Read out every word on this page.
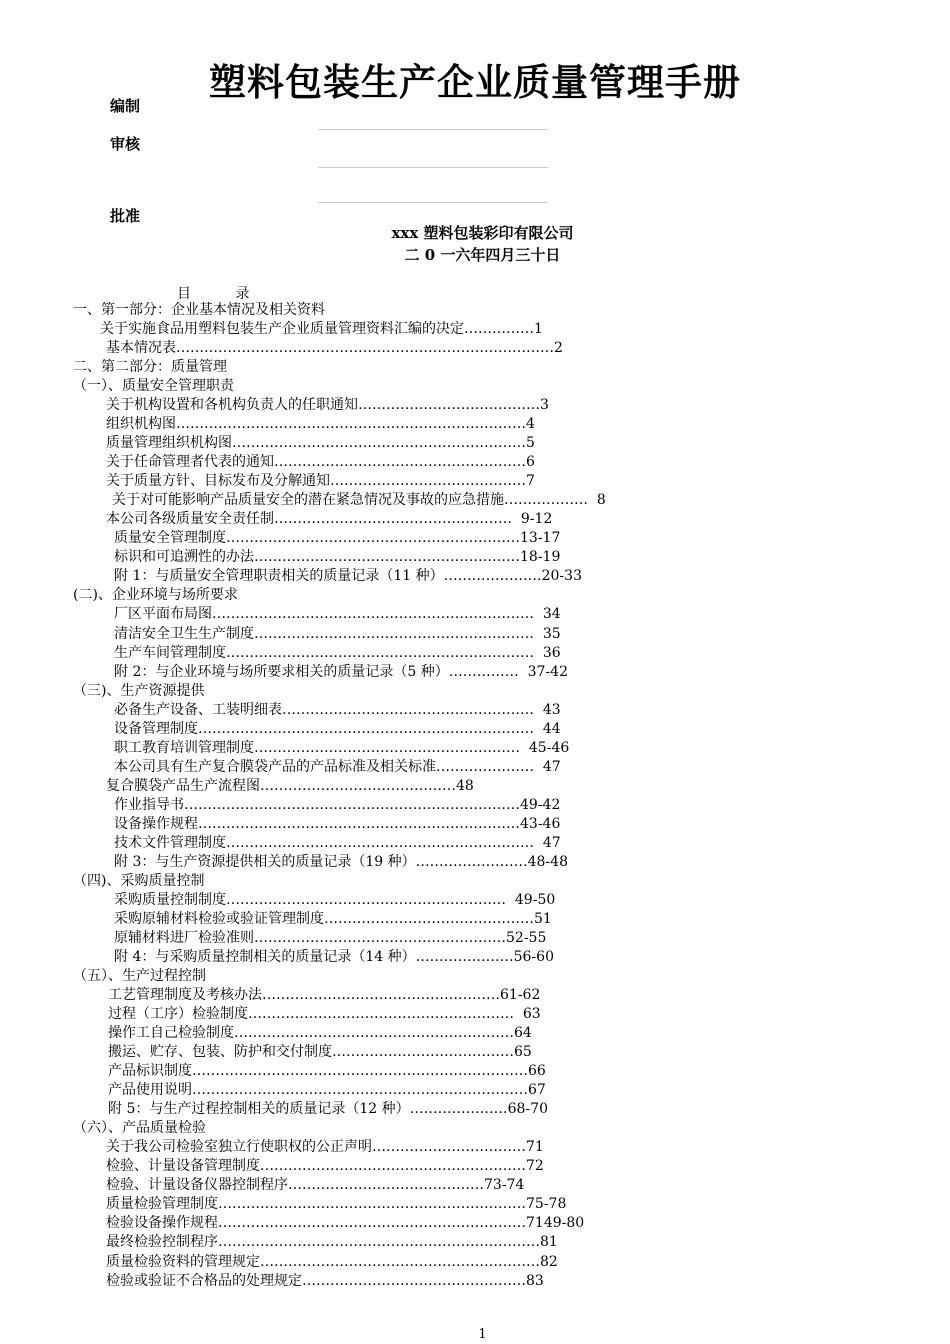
塑料包装生产企业质量管理手册
编制
审核
批准
xxx 塑料包装彩印有限公司
二 0 一六年四月三十日
目          录
一、第一部分：企业基本情况及相关资料
关于实施食品用塑料包装生产企业质量管理资料汇编的决定……………1
基本情况表………………………………………………………………………2
二、第二部分：质量管理
（一）、质量安全管理职责
关于机构设置和各机构负责人的任职通知…………………………………3
组织机构图…………………………………………………………………4
质量管理组织机构图………………………………………………………5
关于任命管理者代表的通知………………………………………………6
关于质量方针、目标发布及分解通知……………………………………7
关于对可能影响产品质量安全的潜在紧急情况及事故的应急措施………………  8
本公司各级质量安全责任制……………………………………………  9-12
质量安全管理制度………………………………………………………13-17
标识和可追溯性的办法…………………………………………………18-19
附 1：与质量安全管理职责相关的质量记录（11 种）…………………20-33
(二)、企业环境与场所要求
厂区平面布局图……………………………………………………………  34
清洁安全卫生生产制度……………………………………………………  35
生产车间管理制度…………………………………………………………  36
附 2：与企业环境与场所要求相关的质量记录（5 种）……………  37-42
（三)、生产资源提供
必备生产设备、工装明细表………………………………………………  43
设备管理制度………………………………………………………………  44
职工教育培训管理制度…………………………………………………  45-46
本公司具有生产复合膜袋产品的产品标准及相关标准…………………  47
复合膜袋产品生产流程图……………………………………48
作业指导书………………………………………………………………49-42
设备操作规程……………………………………………………………43-46
技术文件管理制度…………………………………………………………  47
附 3：与生产资源提供相关的质量记录（19 种）……………………48-48
（四)、采购质量控制
采购质量控制制度……………………………………………………  49-50
采购原辅材料检验或验证管理制度………………………………………51
原辅材料进厂检验准则………………………………………………52-55
附 4：与采购质量控制相关的质量记录（14 种）…………………56-60
（五）、生产过程控制
工艺管理制度及考核办法……………………………………………61-62
过程（工序）检验制度…………………………………………………  63
操作工自己检验制度……………………………………………………64
搬运、贮存、包装、防护和交付制度…………………………………65
产品标识制度………………………………………………………………66
产品使用说明………………………………………………………………67
附 5：与生产过程控制相关的质量记录（12 种）…………………68-70
（六）、产品质量检验
关于我公司检验室独立行使职权的公正声明……………………………71
检验、计量设备管理制度…………………………………………………72
检验、计量设备仪器控制程序……………………………………73-74
质量检验管理制度…………………………………………………………75-78
检验设备操作规程…………………………………………………………7149-80
最终检验控制程序……………………………………………………………81
质量检验资料的管理规定……………………………………………………82
检验或验证不合格品的处理规定…………………………………………83
1
